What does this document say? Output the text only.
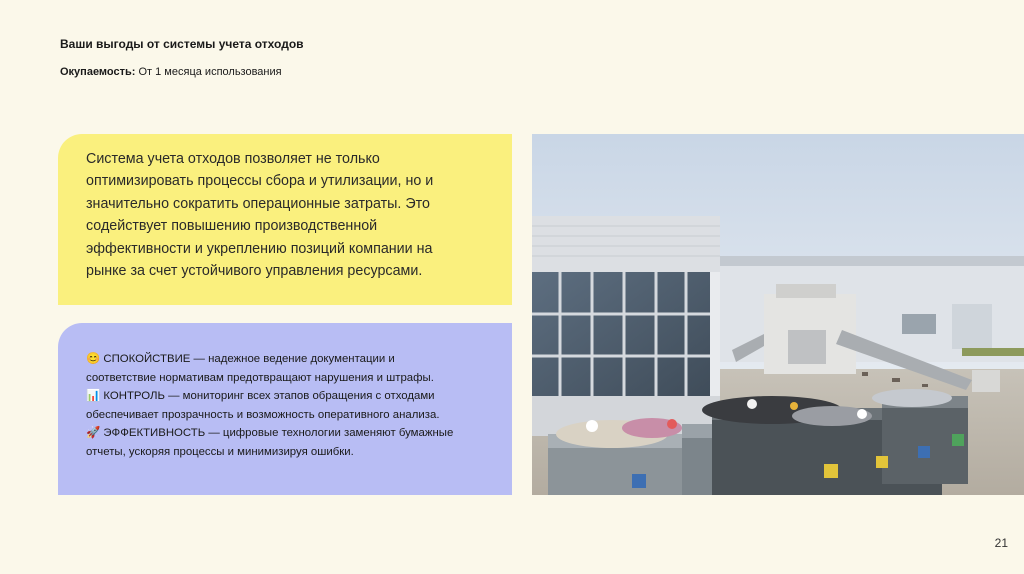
Ваши выгоды от системы учета отходов
Окупаемость: От 1 месяца использования
Система учета отходов позволяет не только
оптимизировать процессы сбора и утилизации, но и
значительно сократить операционные затраты. Это
содействует повышению производственной
эффективности и укреплению позиций компании на
рынке за счет устойчивого управления ресурсами.
😊 СПОКОЙСТВИЕ — надежное ведение документации и
соответствие нормативам предотвращают нарушения и штрафы.
📊 КОНТРОЛЬ — мониторинг всех этапов обращения с отходами
обеспечивает прозрачность и возможность оперативного анализа.
🚀 ЭФФЕКТИВНОСТЬ — цифровые технологии заменяют бумажные
отчеты, ускоряя процессы и минимизируя ошибки.
21
